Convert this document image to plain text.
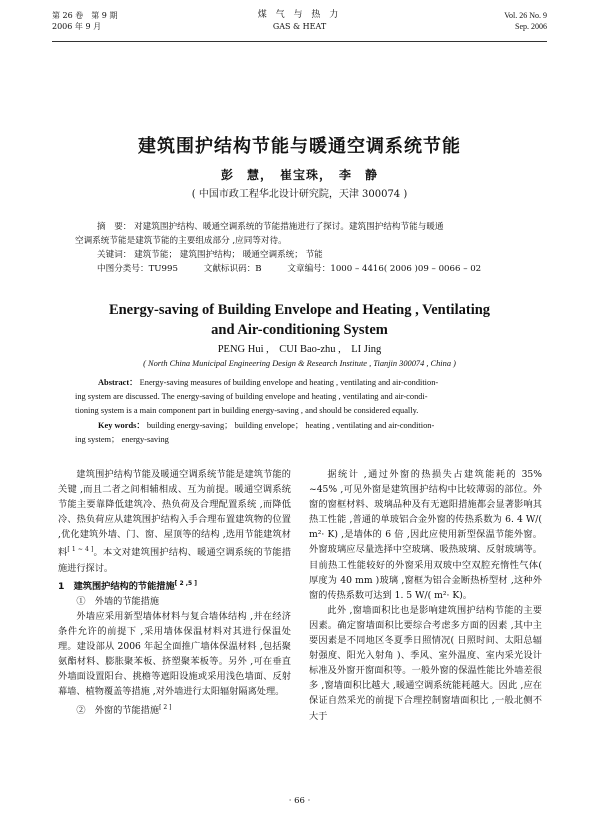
第 26 卷　第 9 期
2006 年 9 月
煤 气 与 热 力
GAS & HEAT
Vol. 26 No. 9
Sep. 2006
建筑围护结构节能与暖通空调系统节能
彭　慧，　崔宝珠，　李　静
( 中国市政工程华北设计研究院，天津 300074 )

摘　要： 对建筑围护结构、暖通空调系统的节能措施进行了探讨。建筑围护结构节能与暖通

空调系统节能是建筑节能的主要组成部分 ,应同等对待。

关键词： 建筑节能； 建筑围护结构； 暖通空调系统； 节能

中图分类号：TU995　　　文献标识码：B　　　文章编号：1000 – 4416( 2006 )09 – 0066 – 02

Energy-saving of Building Envelope and Heating , Ventilating
and Air-conditioning System
PENG Hui ,　CUI Bao-zhu ,　LI Jing
( North China Municipal Engineering Design & Research Institute , Tianjin 300074 , China )

Abstract： Energy-saving measures of building envelope and heating , ventilating and air-condition-

ing system are discussed. The energy-saving of building envelope and heating , ventilating and air-condi-

tioning system is a main component part in building energy-saving , and should be considered equally.

Key words： building energy-saving； building envelope； heating , ventilating and air-condition-

ing system； energy-saving

建筑围护结构节能及暖通空调系统节能是建筑节能的关键 ,而且二者之间相辅相成、互为前提。暖通空调系统节能主要靠降低建筑冷、热负荷及合理配置系统 ,而降低冷、热负荷应从建筑围护结构入手合理布置建筑物的位置 ,优化建筑外墙、门、窗、屋顶等的结构 ,选用节能建筑材料[ 1 ~ 4 ]。本文对建筑围护结构、暖通空调系统的节能措施进行探讨。

1　建筑围护结构的节能措施[ 2 ,5 ]

①　外墙的节能措施

外墙应采用新型墙体材料与复合墙体结构 ,并在经济条件允许的前提下 ,采用墙体保温材料对其进行保温处理。建设部从 2006 年起全面推广墙体保温材料 ,包括聚氨酯材料、膨胀聚苯板、挤塑聚苯板等。另外 ,可在垂直外墙面设置阳台、挑檐等遮阳设施或采用浅色墙面、反射幕墙、植物覆盖等措施 ,对外墙进行太阳辐射隔离处理。

②　外窗的节能措施[ 2 ]

据统计 ,通过外窗的热损失占建筑能耗的 35% ~45% ,可见外窗是建筑围护结构中比较薄弱的部位。外窗的窗框材料、玻璃品种及有无遮阳措施都会显著影响其热工性能 ,普通的单玻铝合金外窗的传热系数为 6. 4 W/( m²· K) ,是墙体的 6 倍 ,因此应使用新型保温节能外窗。外窗玻璃应尽量选择中空玻璃、吸热玻璃、反射玻璃等。目前热工性能较好的外窗采用双玻中空双腔充惰性气体( 厚度为 40 mm )玻璃 ,窗框为铝合金断热桥型材 ,这种外窗的传热系数可达到 1. 5 W/( m²· K)。

此外 ,窗墙面积比也是影响建筑围护结构节能的主要因素。确定窗墙面积比要综合考虑多方面的因素 ,其中主要因素是不同地区冬夏季日照情况( 日照时间、太阳总辐射强度、阳光入射角 )、季风、室外温度、室内采光设计标准及外窗开窗面积等。一般外窗的保温性能比外墙差很多 ,窗墙面积比越大 ,暖通空调系统能耗越大。因此 ,应在保证自然采光的前提下合理控制窗墙面积比 ,一般北侧不大于

· 66 ·
